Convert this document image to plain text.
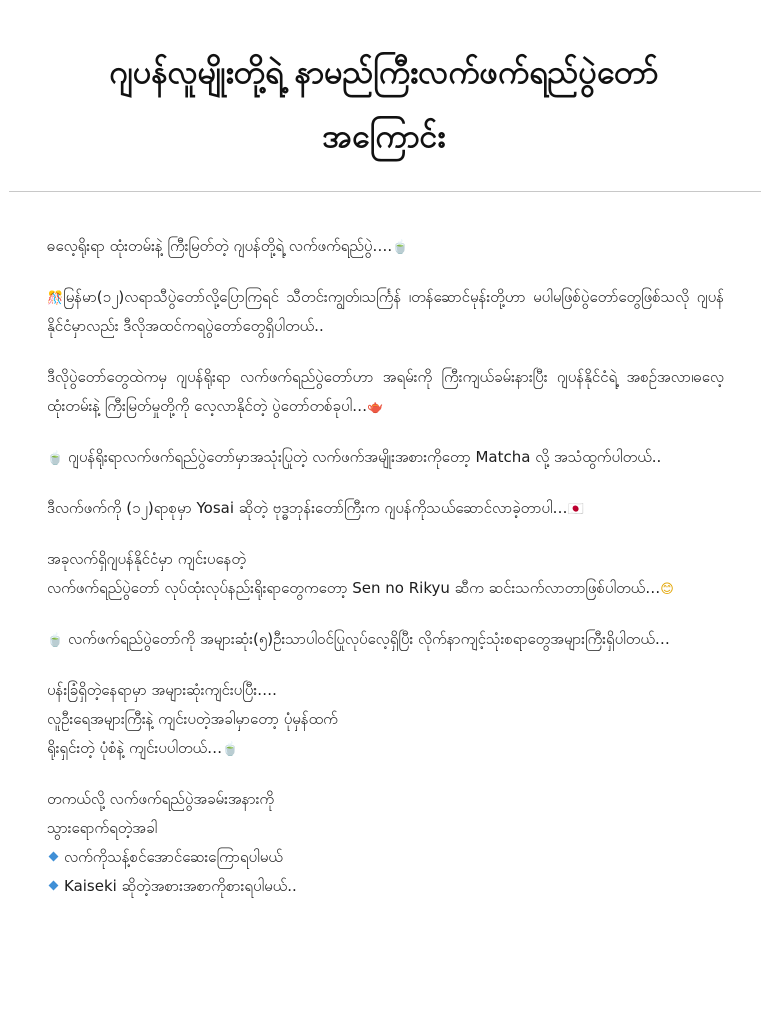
ဂျပန်လူမျိုးတို့ရဲ့ နာမည်ကြီးလက်ဖက်ရည်ပွဲတော်
အကြောင်း

ဓလေ့ရိုးရာ ထုံးတမ်းနဲ့ ကြီးမြတ်တဲ့ ဂျပန်တို့ရဲ့ လက်ဖက်ရည်ပွဲ….🍵

🎊မြန်မာ(၁၂)လရာသီပွဲတော်လို့ပြောကြရင် သီတင်းကျွတ်၊သင်္ကြန် ၊တန်ဆောင်မုန်းတို့ဟာ မပါမဖြစ်ပွဲတော်တွေဖြစ်သလို ဂျပန်နိုင်ငံမှာလည်း ဒီလိုအထင်ကရပွဲတော်တွေရှိပါတယ်..

ဒီလိုပွဲတော်တွေထဲကမှ ဂျပန်ရိုးရာ လက်ဖက်ရည်ပွဲတော်ဟာ အရမ်းကို ကြီးကျယ်ခမ်းနားပြီး ဂျပန်နိုင်ငံရဲ့ အစဉ်အလာ၊ဓလေ့ထုံးတမ်းနဲ့ ကြီးမြတ်မှုတို့ကို လေ့လာနိုင်တဲ့ ပွဲတော်တစ်ခုပါ…🫖

🍵 ဂျပန်ရိုးရာလက်ဖက်ရည်ပွဲတော်မှာအသုံးပြုတဲ့ လက်ဖက်အမျိုးအစားကိုတော့ Matcha လို့ အသံထွက်ပါတယ်..

ဒီလက်ဖက်ကို (၁၂)ရာစုမှာ Yosai ဆိုတဲ့ ဗုဒ္ဓဘုန်းတော်ကြီးက ဂျပန်ကိုသယ်ဆောင်လာခဲ့တာပါ…🇯🇵

အခုလက်ရှိဂျပန်နိုင်ငံမှာ ကျင်းပနေတဲ့
လက်ဖက်ရည်ပွဲတော် လုပ်ထုံးလုပ်နည်းရိုးရာတွေကတော့ Sen no Rikyu ဆီက ဆင်းသက်လာတာဖြစ်ပါတယ်…😊

🍵 လက်ဖက်ရည်ပွဲတော်ကို အများဆုံး(၅)ဦးသာပါဝင်ပြုလုပ်လေ့ရှိပြီး လိုက်နာကျင့်သုံးစရာတွေအများကြီးရှိပါတယ်…

ပန်းခြံရှိတဲ့နေရာမှာ အများဆုံးကျင်းပပြီး….
လူဦးရေအများကြီးနဲ့ ကျင်းပတဲ့အခါမှာတော့ ပုံမှန်ထက်
ရိုးရှင်းတဲ့ ပုံစံနဲ့ ကျင်းပပါတယ်…🍵

တကယ်လို့ လက်ဖက်ရည်ပွဲအခမ်းအနားကို
သွားရောက်ရတဲ့အခါ
လက်ကိုသန့်စင်အောင်ဆေးကြောရပါမယ်
Kaiseki ဆိုတဲ့အစားအစာကိုစားရပါမယ်..
